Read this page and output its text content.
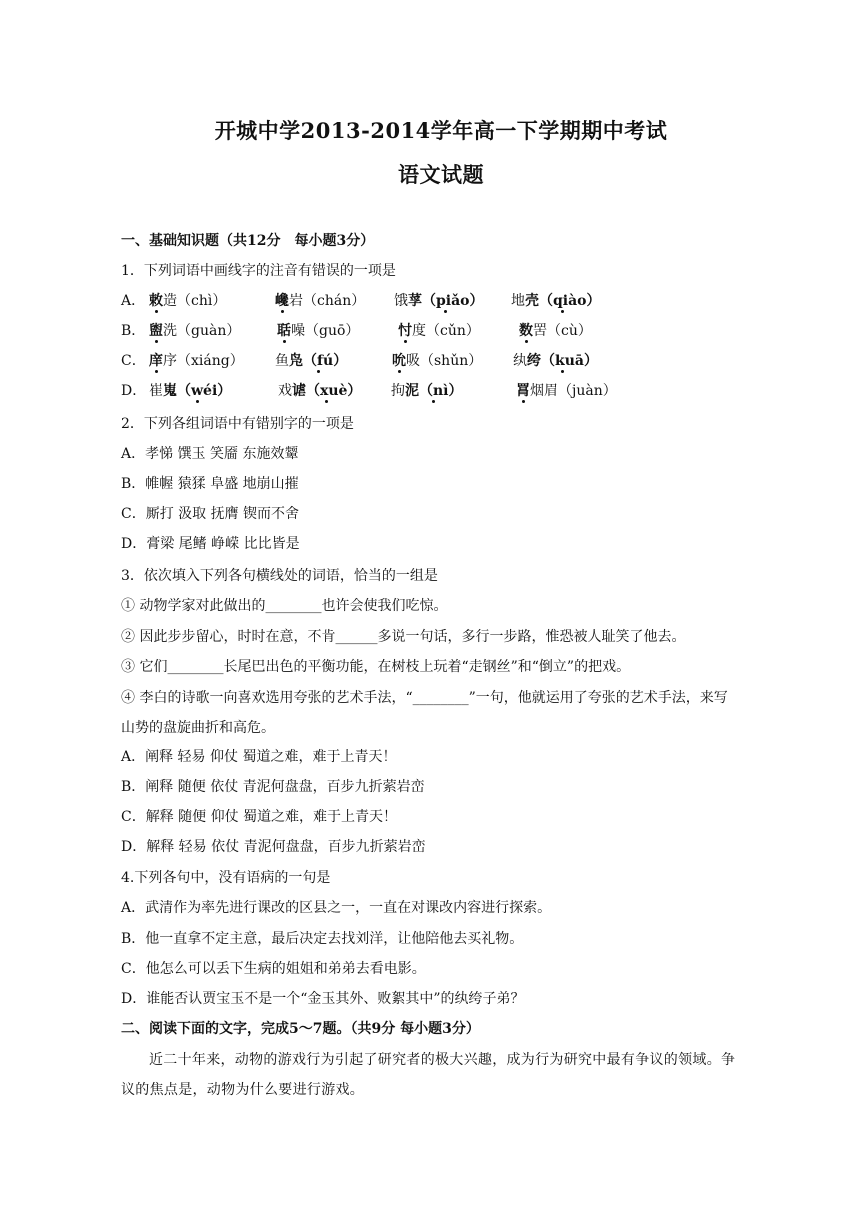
开城中学2013-2014学年高一下学期期中考试
语文试题
一、基础知识题（共12分　每小题3分）
1．下列词语中画线字的注音有错误的一项是
A． 敕造（chì）	巉岩（chán） 饿莩（piǎo） 地壳（qiào）
B． 盥洗（guàn）	聒噪（guō）	忖度（cǔn）	数罟（cù）
C． 庠序（xiáng） 鱼凫（fú）	吮吸（shǔn） 纨绔（kuā）
D． 崔嵬（wéi）	戏谑（xuè） 拘泥（nì）	罥烟眉（juàn）
2．下列各组词语中有错别字的一项是
A．孝悌 馔玉 笑靥 东施效颦
B．帷幄 猿猱 阜盛 地崩山摧
C．厮打 汲取 抚膺 锲而不舍
D．膏梁 尾鳍 峥嵘 比比皆是
3．依次填入下列各句横线处的词语，恰当的一组是
① 动物学家对此做出的________也许会使我们吃惊。
② 因此步步留心，时时在意，不肯______多说一句话，多行一步路，惟恐被人耻笑了他去。
③ 它们________长尾巴出色的平衡功能，在树枝上玩着“走钢丝”和“倒立”的把戏。
④ 李白的诗歌一向喜欢选用夸张的艺术手法，“________”一句，他就运用了夸张的艺术手法，来写山势的盘旋曲折和高危。
A．阐释 轻易 仰仗 蜀道之难，难于上青天！
B．阐释 随便 依仗 青泥何盘盘，百步九折萦岩峦
C．解释 随便 仰仗 蜀道之难，难于上青天！
D．解释 轻易 依仗 青泥何盘盘，百步九折萦岩峦
4.下列各句中，没有语病的一句是
A．武清作为率先进行课改的区县之一，一直在对课改内容进行探索。
B．他一直拿不定主意，最后决定去找刘洋，让他陪他去买礼物。
C．他怎么可以丢下生病的姐姐和弟弟去看电影。
D．谁能否认贾宝玉不是一个“金玉其外、败絮其中”的纨绔子弟？
二、阅读下面的文字，完成5～7题。（共9分 每小题3分）
近二十年来，动物的游戏行为引起了研究者的极大兴趣，成为行为研究中最有争议的领域。争议的焦点是，动物为什么要进行游戏。
